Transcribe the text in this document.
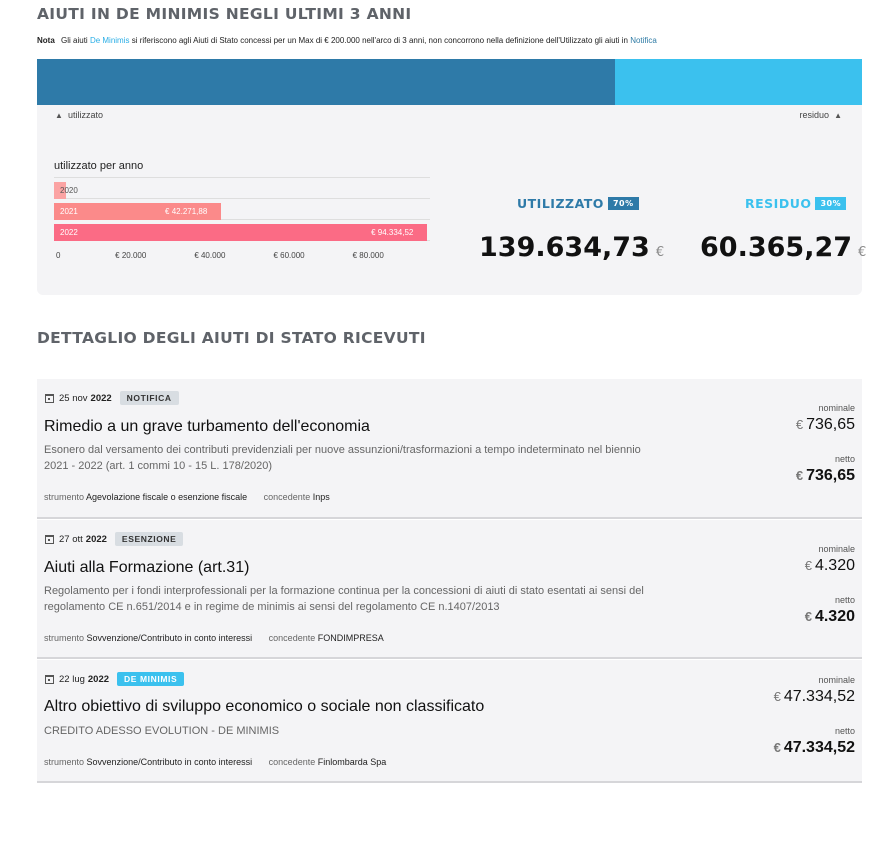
AIUTI IN DE MINIMIS NEGLI ULTIMI 3 ANNI
Nota Gli aiuti De Minimis si riferiscono agli Aiuti di Stato concessi per un Max di € 200.000 nell'arco di 3 anni, non concorrono nella definizione dell'Utilizzato gli aiuti in Notifica
▲ utilizzato	residuo ▲
utilizzato per anno
2020
2021	€ 42.271,88
2022	€ 94.334,52
0	€ 20.000	€ 40.000	€ 60.000	€ 80.000
UTILIZZATO 70%	RESIDUO 30%
139.634,73 € 60.365,27 €
DETTAGLIO DEGLI AIUTI DI STATO RICEVUTI
25 nov 2022	NOTIFICA
Rimedio a un grave turbamento dell'economia
Esonero dal versamento dei contributi previdenziali per nuove assunzioni/trasformazioni a tempo indeterminato nel biennio 2021 - 2022 (art. 1 commi 10 - 15 L. 178/2020)
strumento Agevolazione fiscale o esenzione fiscale concedente Inps
nominale
€ 736,65
netto
€ 736,65
27 ott 2022	ESENZIONE
Aiuti alla Formazione (art.31)
Regolamento per i fondi interprofessionali per la formazione continua per la concessioni di aiuti di stato esentati ai sensi del regolamento CE n.651/2014 e in regime de minimis ai sensi del regolamento CE n.1407/2013
strumento Sovvenzione/Contributo in conto interessi concedente FONDIMPRESA
nominale
€ 4.320
netto
€ 4.320
22 lug 2022	DE MINIMIS
Altro obiettivo di sviluppo economico o sociale non classificato
CREDITO ADESSO EVOLUTION - DE MINIMIS
strumento Sovvenzione/Contributo in conto interessi concedente Finlombarda Spa
nominale
€ 47.334,52
netto
€ 47.334,52
